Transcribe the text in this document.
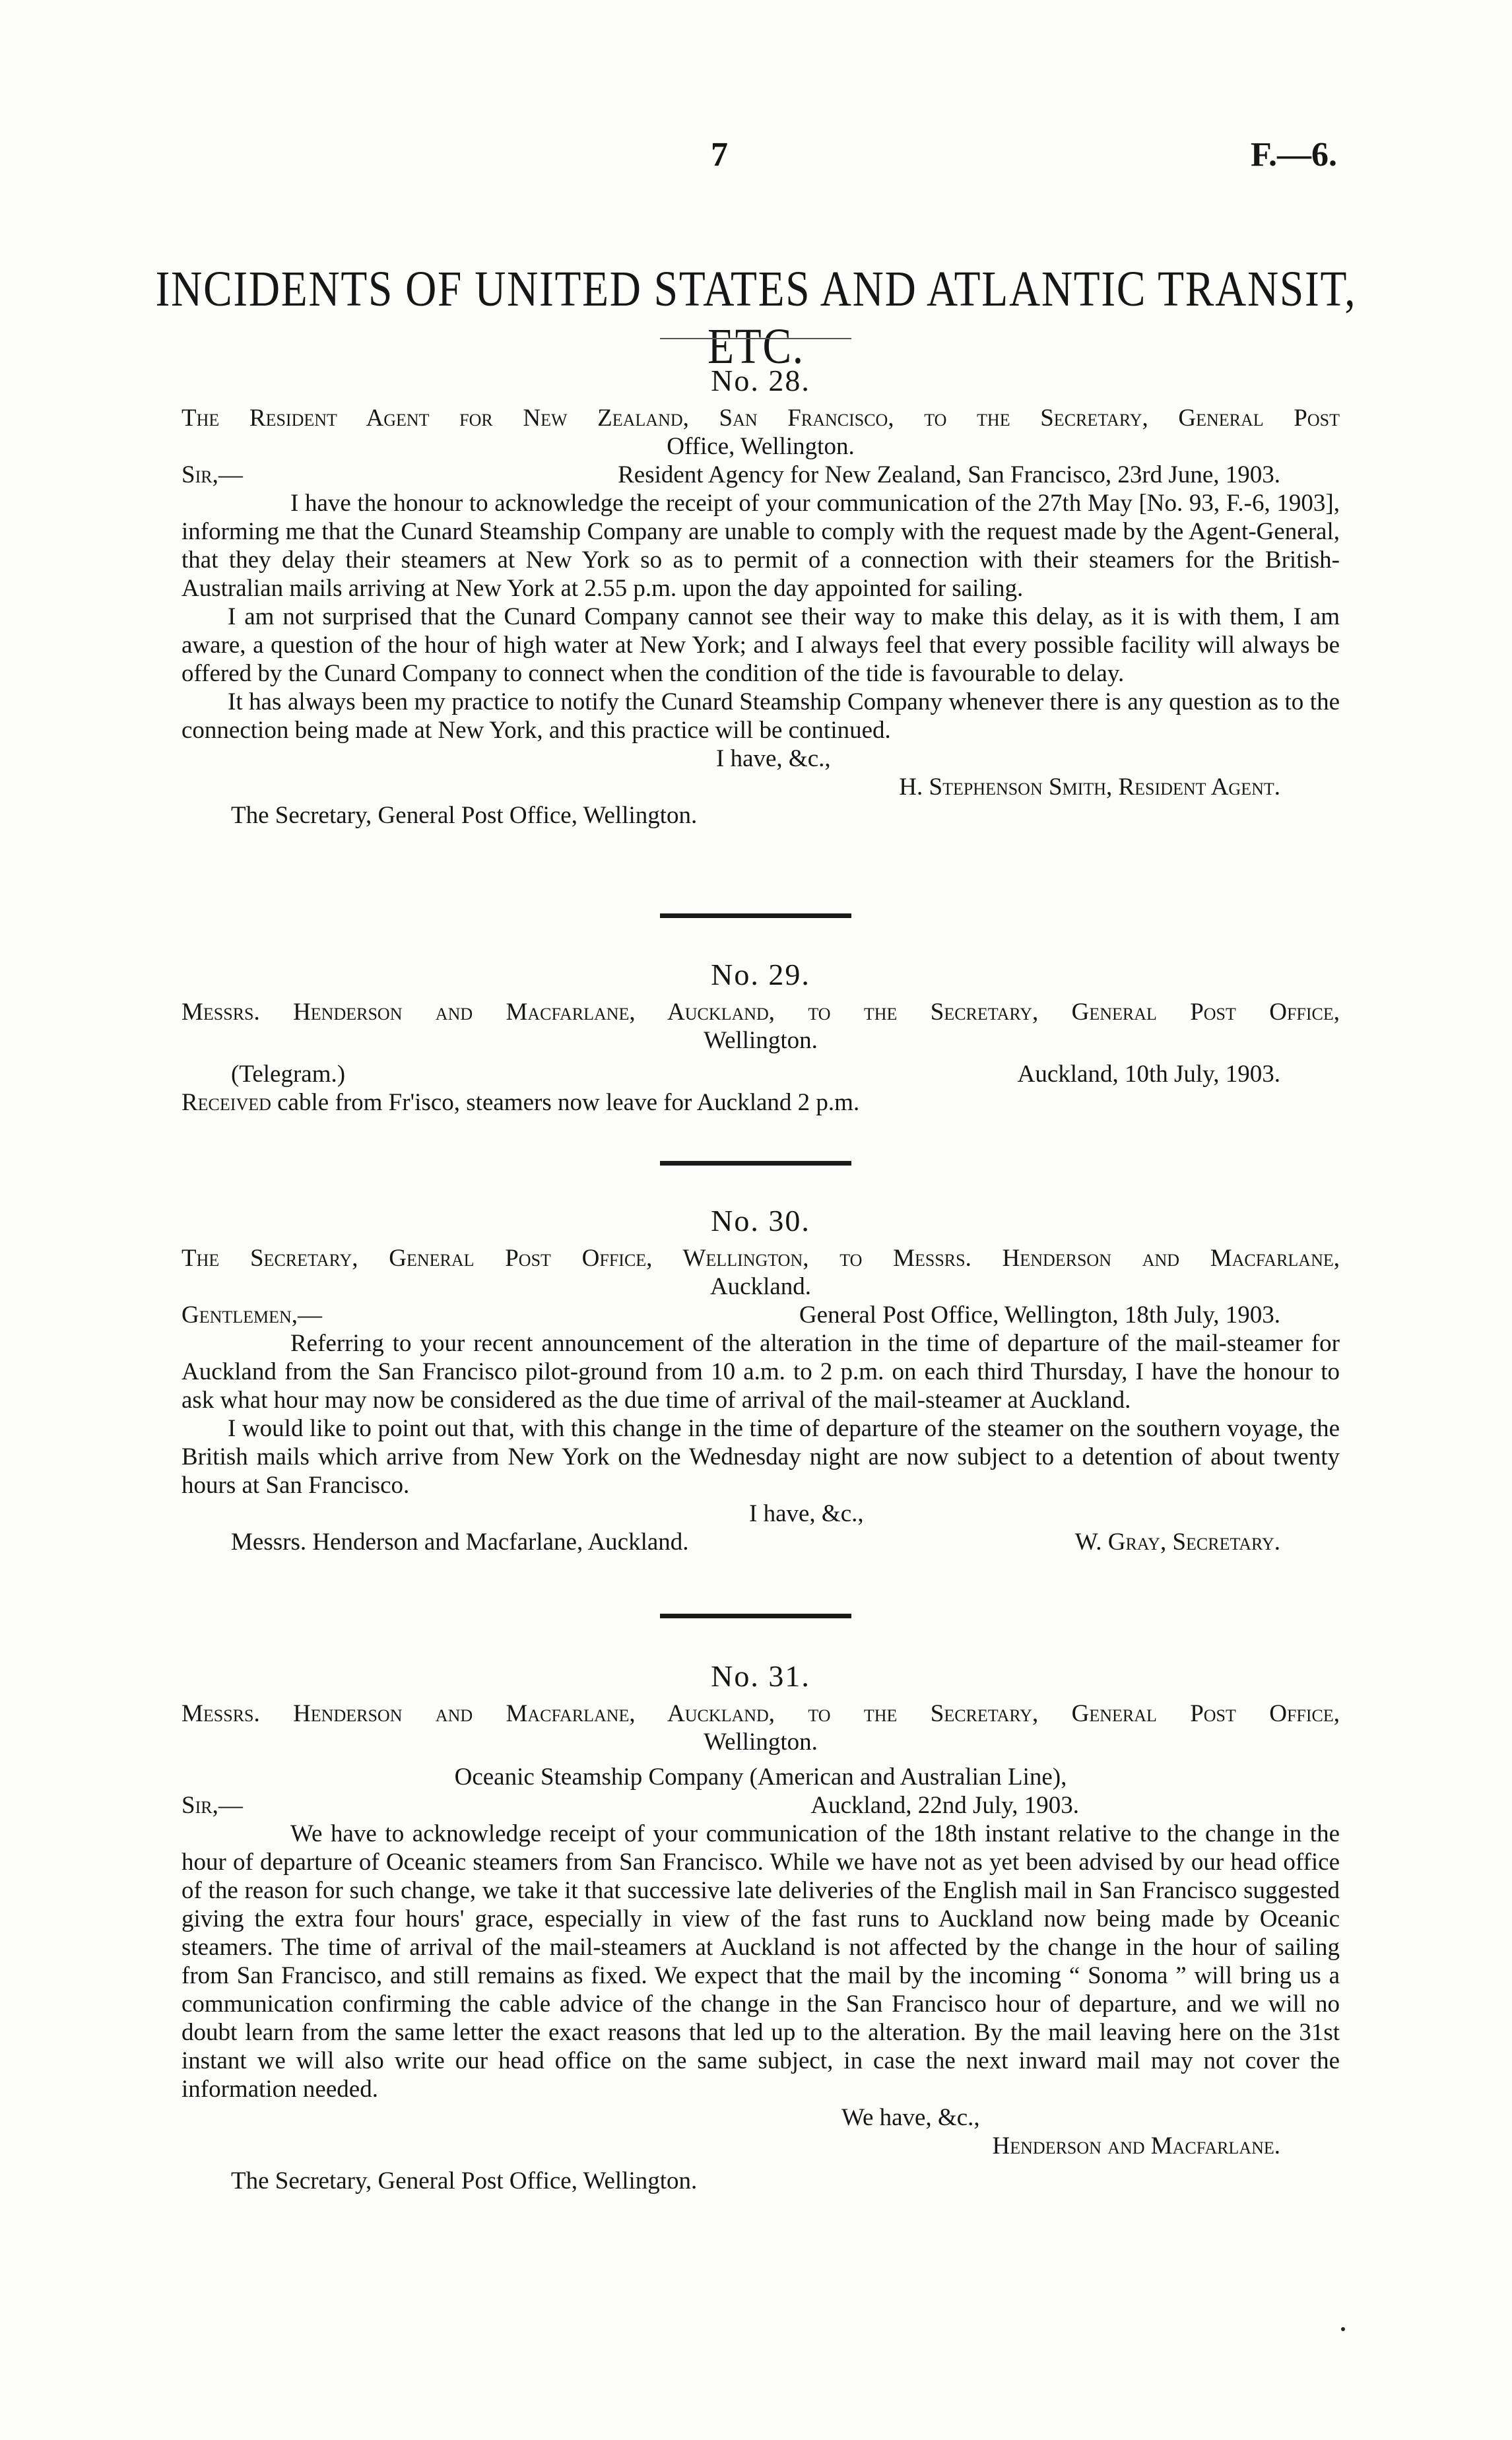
7	F.—6.
INCIDENTS OF UNITED STATES AND ATLANTIC TRANSIT, ETC.
No. 28.
The Resident Agent for New Zealand, San Francisco, to the Secretary, General Post
Office, Wellington.
Sir,—	Resident Agency for New Zealand, San Francisco, 23rd June, 1903.
I have the honour to acknowledge the receipt of your communication of the 27th May [No. 93, F.-6, 1903], informing me that the Cunard Steamship Company are unable to comply with the request made by the Agent-General, that they delay their steamers at New York so as to permit of a connection with their steamers for the British-Australian mails arriving at New York at 2.55 p.m. upon the day appointed for sailing.
I am not surprised that the Cunard Company cannot see their way to make this delay, as it is with them, I am aware, a question of the hour of high water at New York; and I always feel that every possible facility will always be offered by the Cunard Company to connect when the condition of the tide is favourable to delay.
It has always been my practice to notify the Cunard Steamship Company whenever there is any question as to the connection being made at New York, and this practice will be continued.
I have, &c.,
H. Stephenson Smith, Resident Agent.
The Secretary, General Post Office, Wellington.
No. 29.
Messrs. Henderson and Macfarlane, Auckland, to the Secretary, General Post Office,
Wellington.
(Telegram.)	Auckland, 10th July, 1903.
Received cable from Fr'isco, steamers now leave for Auckland 2 p.m.
No. 30.
The Secretary, General Post Office, Wellington, to Messrs. Henderson and Macfarlane,
Auckland.
Gentlemen,—	General Post Office, Wellington, 18th July, 1903.
Referring to your recent announcement of the alteration in the time of departure of the mail-steamer for Auckland from the San Francisco pilot-ground from 10 a.m. to 2 p.m. on each third Thursday, I have the honour to ask what hour may now be considered as the due time of arrival of the mail-steamer at Auckland.
I would like to point out that, with this change in the time of departure of the steamer on the southern voyage, the British mails which arrive from New York on the Wednesday night are now subject to a detention of about twenty hours at San Francisco.
I have, &c.,
Messrs. Henderson and Macfarlane, Auckland.	W. Gray, Secretary.
No. 31.
Messrs. Henderson and Macfarlane, Auckland, to the Secretary, General Post Office,
Wellington.
Oceanic Steamship Company (American and Australian Line),
Sir,—	Auckland, 22nd July, 1903.
We have to acknowledge receipt of your communication of the 18th instant relative to the change in the hour of departure of Oceanic steamers from San Francisco. While we have not as yet been advised by our head office of the reason for such change, we take it that successive late deliveries of the English mail in San Francisco suggested giving the extra four hours' grace, especially in view of the fast runs to Auckland now being made by Oceanic steamers. The time of arrival of the mail-steamers at Auckland is not affected by the change in the hour of sailing from San Francisco, and still remains as fixed. We expect that the mail by the incoming “ Sonoma ” will bring us a communication confirming the cable advice of the change in the San Francisco hour of departure, and we will no doubt learn from the same letter the exact reasons that led up to the alteration. By the mail leaving here on the 31st instant we will also write our head office on the same subject, in case the next inward mail may not cover the information needed.
We have, &c.,
Henderson and Macfarlane.
The Secretary, General Post Office, Wellington.
